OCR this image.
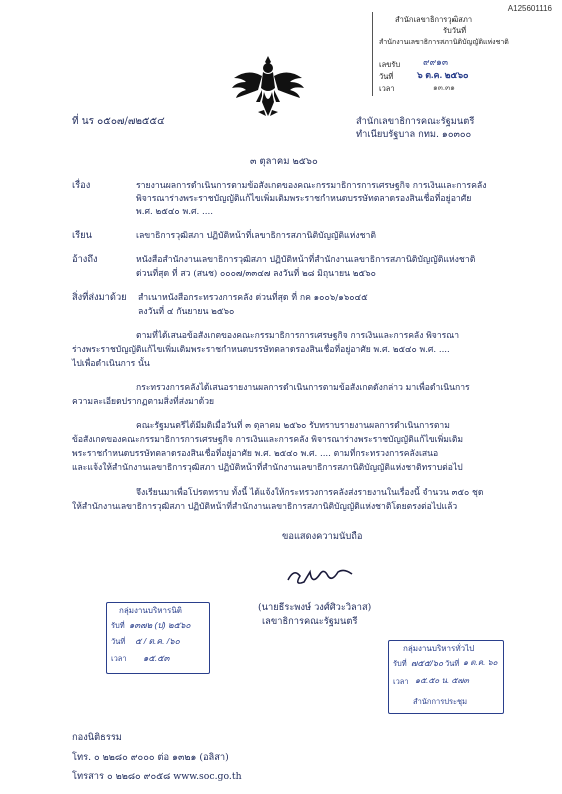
A125601116
สำนักเลขาธิการวุฒิสภา
รับวันที่
สำนักงานเลขาธิการสภานิติบัญญัติแห่งชาติ
เลขรับ	๙๙๑๓
วันที่	๖ ต.ค. ๒๕๖๐
เวลา	๑๓.๓๑
ที่ นร ๐๕๐๗/๗๒๕๕๔	สำนักเลขาธิการคณะรัฐมนตรี
ทำเนียบรัฐบาล กทม. ๑๐๓๐๐
๓ ตุลาคม ๒๕๖๐
เรื่อง	รายงานผลการดำเนินการตามข้อสังเกตของคณะกรรมาธิการการเศรษฐกิจ การเงินและการคลัง
พิจารณาร่างพระราชบัญญัติแก้ไขเพิ่มเติมพระราชกำหนดบรรษัทตลาดรองสินเชื่อที่อยู่อาศัย
พ.ศ. ๒๕๔๐ พ.ศ. ....
เรียน	เลขาธิการวุฒิสภา ปฏิบัติหน้าที่เลขาธิการสภานิติบัญญัติแห่งชาติ
อ้างถึง	หนังสือสำนักงานเลขาธิการวุฒิสภา ปฏิบัติหน้าที่สำนักงานเลขาธิการสภานิติบัญญัติแห่งชาติ
ด่วนที่สุด ที่ สว (สนช) ๐๐๐๗/๓๓๔๗ ลงวันที่ ๒๘ มิถุนายน ๒๕๖๐
สิ่งที่ส่งมาด้วย สำเนาหนังสือกระทรวงการคลัง ด่วนที่สุด ที่ กค ๑๐๐๖/๑๖๐๔๕
ลงวันที่ ๔ กันยายน ๒๕๖๐
ตามที่ได้เสนอข้อสังเกตของคณะกรรมาธิการการเศรษฐกิจ การเงินและการคลัง พิจารณา
ร่างพระราชบัญญัติแก้ไขเพิ่มเติมพระราชกำหนดบรรษัทตลาดรองสินเชื่อที่อยู่อาศัย พ.ศ. ๒๕๔๐ พ.ศ. ....
ไปเพื่อดำเนินการ นั้น
กระทรวงการคลังได้เสนอรายงานผลการดำเนินการตามข้อสังเกตดังกล่าว มาเพื่อดำเนินการ
ความละเอียดปรากฏตามสิ่งที่ส่งมาด้วย
คณะรัฐมนตรีได้มีมติเมื่อวันที่ ๓ ตุลาคม ๒๕๖๐ รับทราบรายงานผลการดำเนินการตาม
ข้อสังเกตของคณะกรรมาธิการการเศรษฐกิจ การเงินและการคลัง พิจารณาร่างพระราชบัญญัติแก้ไขเพิ่มเติม
พระราชกำหนดบรรษัทตลาดรองสินเชื่อที่อยู่อาศัย พ.ศ. ๒๕๔๐ พ.ศ. .... ตามที่กระทรวงการคลังเสนอ
และแจ้งให้สำนักงานเลขาธิการวุฒิสภา ปฏิบัติหน้าที่สำนักงานเลขาธิการสภานิติบัญญัติแห่งชาติทราบต่อไป
จึงเรียนมาเพื่อโปรดทราบ ทั้งนี้ ได้แจ้งให้กระทรวงการคลังส่งรายงานในเรื่องนี้ จำนวน ๓๕๐ ชุด
ให้สำนักงานเลขาธิการวุฒิสภา ปฏิบัติหน้าที่สำนักงานเลขาธิการสภานิติบัญญัติแห่งชาติโดยตรงต่อไปแล้ว
ขอแสดงความนับถือ
(นายธีระพงษ์ วงศ์ศิวะวิลาส)
เลขาธิการคณะรัฐมนตรี
กลุ่มงานบริหารนิติ
รับที่ ๑๓๗๒ (ป) ๒๕๖๐
วันที่ ๕ / ต.ค. /๖๐
เวลา ๑๕.๕๓
กลุ่มงานบริหารทั่วไป
รับที่ ๗๕๕/๖๐ วันที่ ๑ ต.ค. ๖๐
เวลา ๑๕.๕๐ น. ๕๗๓
สำนักการประชุม
กองนิติธรรม
โทร. ๐ ๒๒๘๐ ๙๐๐๐ ต่อ ๑๓๒๑ (อลิสา)
โทรสาร ๐ ๒๒๘๐ ๙๐๕๘ www.soc.go.th
